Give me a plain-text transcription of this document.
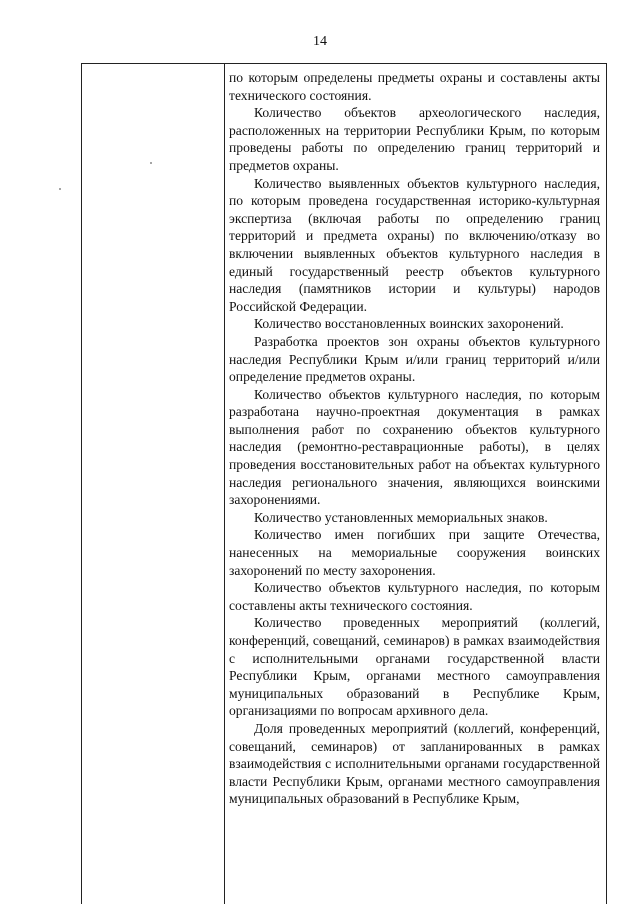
14

по которым определены предметы охраны и составлены акты технического состояния.

Количество объектов археологического наследия, расположенных на территории Республики Крым, по которым проведены работы по определению границ территорий и предметов охраны.

Количество выявленных объектов культурного наследия, по которым проведена государственная историко-культурная экспертиза (включая работы по определению границ территорий и предмета охраны) по включению/отказу во включении выявленных объектов культурного наследия в единый государственный реестр объектов культурного наследия (памятников истории и культуры) народов Российской Федерации.

Количество восстановленных воинских захоронений.

Разработка проектов зон охраны объектов культурного наследия Республики Крым и/или границ территорий и/или определение предметов охраны.

Количество объектов культурного наследия, по которым разработана научно-проектная документация в рамках выполнения работ по сохранению объектов культурного наследия (ремонтно-реставрационные работы), в целях проведения восстановительных работ на объектах культурного наследия регионального значения, являющихся воинскими захоронениями.

Количество установленных мемориальных знаков.

Количество имен погибших при защите Отечества, нанесенных на мемориальные сооружения воинских захоронений по месту захоронения.

Количество объектов культурного наследия, по которым составлены акты технического состояния.

Количество проведенных мероприятий (коллегий, конференций, совещаний, семинаров) в рамках взаимодействия с исполнительными органами государственной власти Республики Крым, органами местного самоуправления муниципальных образований в Республике Крым, организациями по вопросам архивного дела.

Доля проведенных мероприятий (коллегий, конференций, совещаний, семинаров) от запланированных в рамках взаимодействия с исполнительными органами государственной власти Республики Крым, органами местного самоуправления муниципальных образований в Республике Крым,
